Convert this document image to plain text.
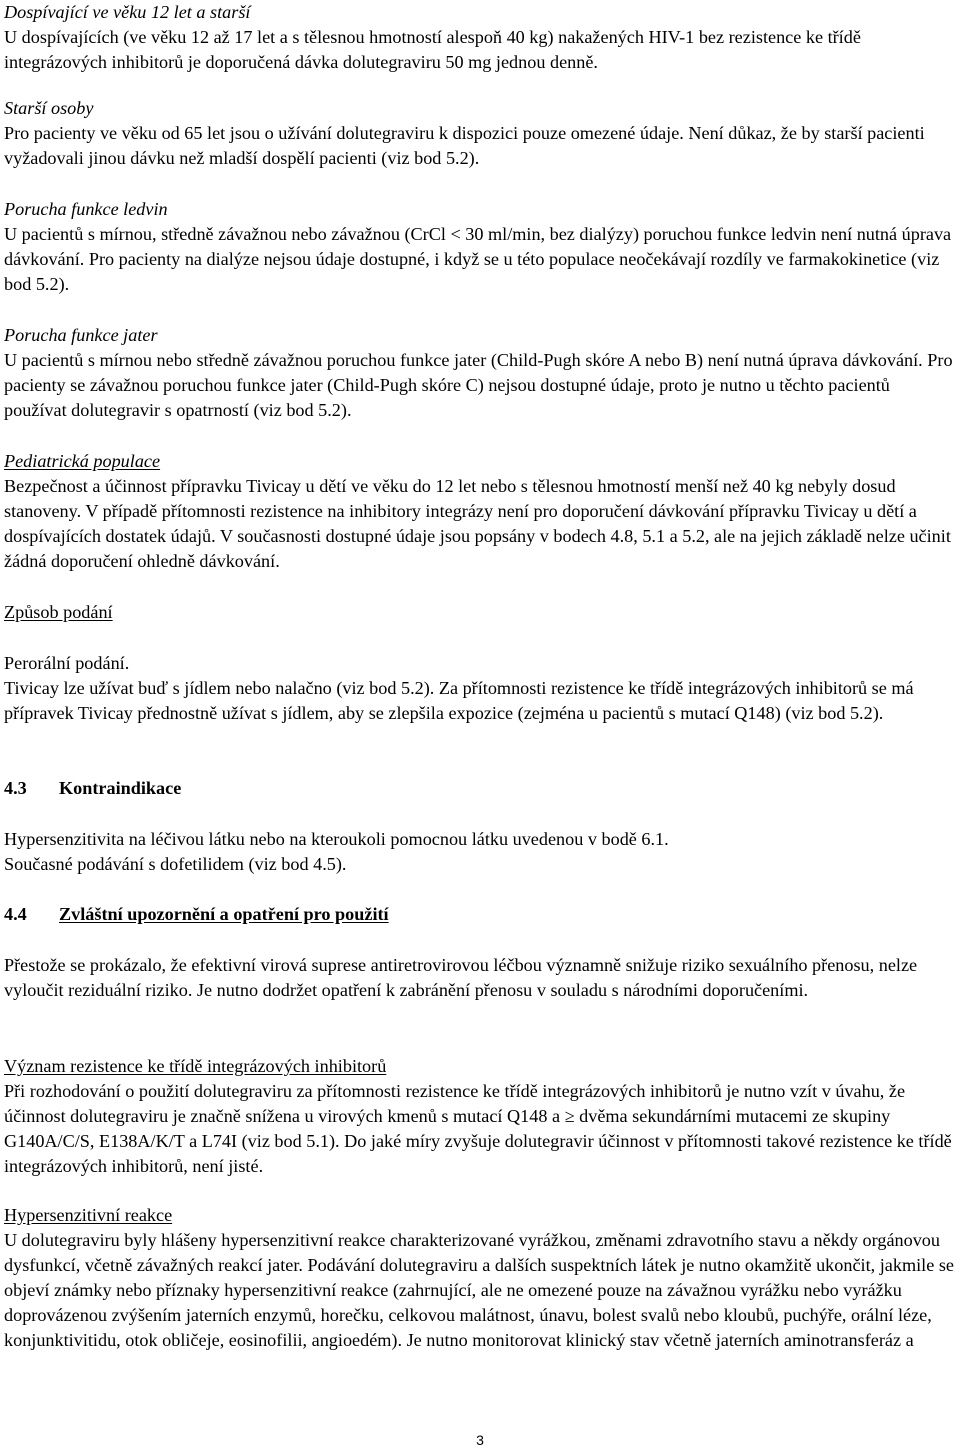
Dospívající ve věku 12 let a starší

U dospívajících (ve věku 12 až 17 let a s tělesnou hmotností alespoň 40 kg) nakažených HIV-1 bez rezistence ke třídě integrázových inhibitorů je doporučená dávka dolutegraviru 50 mg jednou denně.

Starší osoby

Pro pacienty ve věku od 65 let jsou o užívání dolutegraviru k dispozici pouze omezené údaje. Není důkaz, že by starší pacienti vyžadovali jinou dávku než mladší dospělí pacienti (viz bod 5.2).

Porucha funkce ledvin

U pacientů s mírnou, středně závažnou nebo závažnou (CrCl < 30 ml/min, bez dialýzy) poruchou funkce ledvin není nutná úprava dávkování. Pro pacienty na dialýze nejsou údaje dostupné, i když se u této populace neočekávají rozdíly ve farmakokinetice (viz bod 5.2).

Porucha funkce jater

U pacientů s mírnou nebo středně závažnou poruchou funkce jater (Child-Pugh skóre A nebo B) není nutná úprava dávkování. Pro pacienty se závažnou poruchou funkce jater (Child-Pugh skóre C) nejsou dostupné údaje, proto je nutno u těchto pacientů používat dolutegravir s opatrností (viz bod 5.2).

Pediatrická populace

Bezpečnost a účinnost přípravku Tivicay u dětí ve věku do 12 let nebo s tělesnou hmotností menší než 40 kg nebyly dosud stanoveny. V případě přítomnosti rezistence na inhibitory integrázy není pro doporučení dávkování přípravku Tivicay u dětí a dospívajících dostatek údajů. V současnosti dostupné údaje jsou popsány v bodech 4.8, 5.1 a 5.2, ale na jejich základě nelze učinit žádná doporučení ohledně dávkování.

Způsob podání

Perorální podání.

Tivicay lze užívat buď s jídlem nebo nalačno (viz bod 5.2). Za přítomnosti rezistence ke třídě integrázových inhibitorů se má přípravek Tivicay přednostně užívat s jídlem, aby se zlepšila expozice (zejména u pacientů s mutací Q148) (viz bod 5.2).

4.3 Kontraindikace

Hypersenzitivita na léčivou látku nebo na kteroukoli pomocnou látku uvedenou v bodě 6.1.

Současné podávání s dofetilidem (viz bod 4.5).

4.4 Zvláštní upozornění a opatření pro použití

Přestože se prokázalo, že efektivní virová suprese antiretrovirovou léčbou významně snižuje riziko sexuálního přenosu, nelze vyloučit reziduální riziko. Je nutno dodržet opatření k zabránění přenosu v souladu s národními doporučeními.

Význam rezistence ke třídě integrázových inhibitorů

Při rozhodování o použití dolutegraviru za přítomnosti rezistence ke třídě integrázových inhibitorů je nutno vzít v úvahu, že účinnost dolutegraviru je značně snížena u virových kmenů s mutací Q148 a ≥ dvěma sekundárními mutacemi ze skupiny G140A/C/S, E138A/K/T a L74I (viz bod 5.1). Do jaké míry zvyšuje dolutegravir účinnost v přítomnosti takové rezistence ke třídě integrázových inhibitorů, není jisté.

Hypersenzitivní reakce

U dolutegraviru byly hlášeny hypersenzitivní reakce charakterizované vyrážkou, změnami zdravotního stavu a někdy orgánovou dysfunkcí, včetně závažných reakcí jater. Podávání dolutegraviru a dalších suspektních látek je nutno okamžitě ukončit, jakmile se objeví známky nebo příznaky hypersenzitivní reakce (zahrnující, ale ne omezené pouze na závažnou vyrážku nebo vyrážku doprovázenou zvýšením jaterních enzymů, horečku, celkovou malátnost, únavu, bolest svalů nebo kloubů, puchýře, orální léze, konjunktivitidu, otok obličeje, eosinofilii, angioedém). Je nutno monitorovat klinický stav včetně jaterních aminotransferáz a

3
